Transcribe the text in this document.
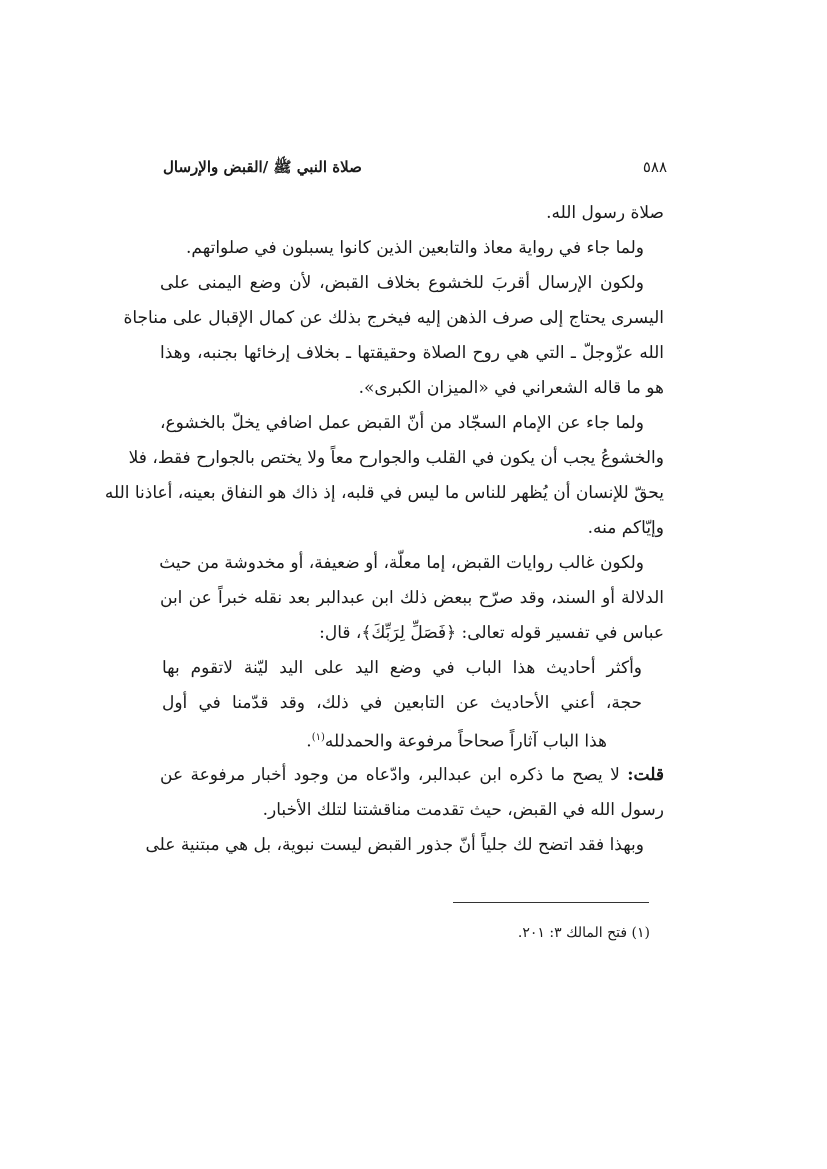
٥٨٨
صلاة النبي ﷺ /القبض والإرسال
صلاة رسول الله.
ولما جاء في رواية معاذ والتابعين الذين كانوا يسبلون في صلواتهم.
ولكون الإرسال أقربَ للخشوع بخلاف القبض، لأن وضع اليمنى على
اليسرى يحتاج إلى صرف الذهن إليه فيخرج بذلك عن كمال الإقبال على مناجاة
الله عزّوجلّ ـ التي هي روح الصلاة وحقيقتها ـ بخلاف إرخائها بجنبه، وهذا
هو ما قاله الشعراني في «الميزان الكبرى».
ولما جاء عن الإمام السجّاد من أنّ القبض عمل اضافي يخلّ بالخشوع،
والخشوعُ يجب أن يكون في القلب والجوارح معاً ولا يختص بالجوارح فقط، فلا
يحقّ للإنسان أن يُظهر للناس ما ليس في قلبه، إذ ذاك هو النفاق بعينه، أعاذنا الله
وإيّاكم منه.
ولكون غالب روايات القبض، إما معلّة، أو ضعيفة، أو مخدوشة من حيث
الدلالة أو السند، وقد صرّح ببعض ذلك ابن عبدالبر بعد نقله خبراً عن ابن
عباس في تفسير قوله تعالى: ﴿فَصَلِّ لِرَبِّكَ﴾، قال:
وأكثر أحاديث هذا الباب في وضع اليد على اليد ليّنة لاتقوم بها
حجة، أعني الأحاديث عن التابعين في ذلك، وقد قدّمنا في أول
هذا الباب آثاراً صحاحاً مرفوعة والحمدلله$^{(١)}$.
قلت: لا يصح ما ذكره ابن عبدالبر، وادّعاه من وجود أخبار مرفوعة عن
رسول الله في القبض، حيث تقدمت مناقشتنا لتلك الأخبار.
وبهذا فقد اتضح لك جلياً أنّ جذور القبض ليست نبوية، بل هي مبتنية على
(١) فتح المالك ٣: ٢٠١.
